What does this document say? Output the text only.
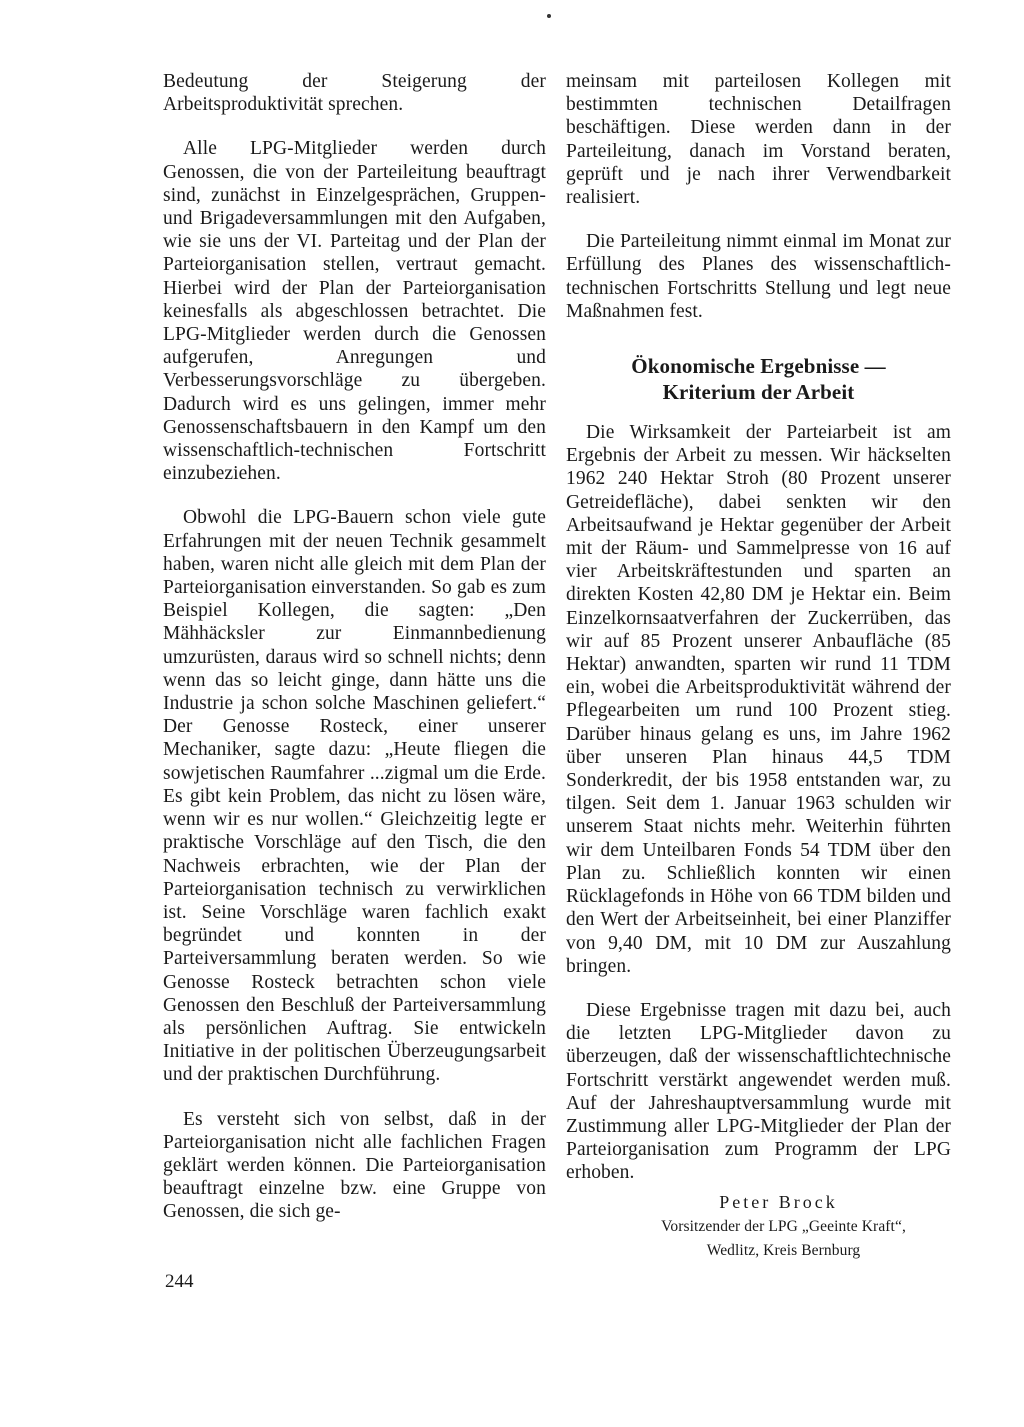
Bedeutung der Steigerung der Arbeitsproduktivität sprechen.

Alle LPG-Mitglieder werden durch Genossen, die von der Parteileitung beauftragt sind, zunächst in Einzelgesprächen, Gruppen- und Brigadeversammlungen mit den Aufgaben, wie sie uns der VI. Parteitag und der Plan der Parteiorganisation stellen, vertraut gemacht. Hierbei wird der Plan der Parteiorganisation keinesfalls als abgeschlossen betrachtet. Die LPG-Mitglieder werden durch die Genossen aufgerufen, Anregungen und Verbesserungsvorschläge zu übergeben. Dadurch wird es uns gelingen, immer mehr Genossenschaftsbauern in den Kampf um den wissenschaftlich-technischen Fortschritt einzubeziehen.

Obwohl die LPG-Bauern schon viele gute Erfahrungen mit der neuen Technik gesammelt haben, waren nicht alle gleich mit dem Plan der Parteiorganisation einverstanden. So gab es zum Beispiel Kollegen, die sagten: „Den Mähhäcksler zur Einmannbedienung umzurüsten, daraus wird so schnell nichts; denn wenn das so leicht ginge, dann hätte uns die Industrie ja schon solche Maschinen geliefert.“ Der Genosse Rosteck, einer unserer Mechaniker, sagte dazu: „Heute fliegen die sowjetischen Raumfahrer ...zigmal um die Erde. Es gibt kein Problem, das nicht zu lösen wäre, wenn wir es nur wollen.“ Gleichzeitig legte er praktische Vorschläge auf den Tisch, die den Nachweis erbrachten, wie der Plan der Parteiorganisation technisch zu verwirklichen ist. Seine Vorschläge waren fachlich exakt begründet und konnten in der Parteiversammlung beraten werden. So wie Genosse Rosteck betrachten schon viele Genossen den Beschluß der Parteiversammlung als persönlichen Auftrag. Sie entwickeln Initiative in der politischen Überzeugungsarbeit und der praktischen Durchführung.

Es versteht sich von selbst, daß in der Parteiorganisation nicht alle fachlichen Fragen geklärt werden können. Die Parteiorganisation beauftragt einzelne bzw. eine Gruppe von Genossen, die sich ge-

meinsam mit parteilosen Kollegen mit bestimmten technischen Detailfragen beschäftigen. Diese werden dann in der Parteileitung, danach im Vorstand beraten, geprüft und je nach ihrer Verwendbarkeit realisiert.

Die Parteileitung nimmt einmal im Monat zur Erfüllung des Planes des wissenschaftlich-technischen Fortschritts Stellung und legt neue Maßnahmen fest.

Ökonomische Ergebnisse —
Kriterium der Arbeit

Die Wirksamkeit der Parteiarbeit ist am Ergebnis der Arbeit zu messen. Wir häckselten 1962 240 Hektar Stroh (80 Prozent unserer Getreidefläche), dabei senkten wir den Arbeitsaufwand je Hektar gegenüber der Arbeit mit der Räum- und Sammelpresse von 16 auf vier Arbeitskräftestunden und sparten an direkten Kosten 42,80 DM je Hektar ein. Beim Einzelkornsaatverfahren der Zuckerrüben, das wir auf 85 Prozent unserer Anbaufläche (85 Hektar) anwandten, sparten wir rund 11 TDM ein, wobei die Arbeitsproduktivität während der Pflegearbeiten um rund 100 Prozent stieg. Darüber hinaus gelang es uns, im Jahre 1962 über unseren Plan hinaus 44,5 TDM Sonderkredit, der bis 1958 entstanden war, zu tilgen. Seit dem 1. Januar 1963 schulden wir unserem Staat nichts mehr. Weiterhin führten wir dem Unteilbaren Fonds 54 TDM über den Plan zu. Schließlich konnten wir einen Rücklagefonds in Höhe von 66 TDM bilden und den Wert der Arbeitseinheit, bei einer Planziffer von 9,40 DM, mit 10 DM zur Auszahlung bringen.

Diese Ergebnisse tragen mit dazu bei, auch die letzten LPG-Mitglieder davon zu überzeugen, daß der wissenschaftlichtechnische Fortschritt verstärkt angewendet werden muß. Auf der Jahreshauptversammlung wurde mit Zustimmung aller LPG-Mitglieder der Plan der Parteiorganisation zum Programm der LPG erhoben.

Peter Brock
Vorsitzender der LPG „Geeinte Kraft“,
Wedlitz, Kreis Bernburg
244
